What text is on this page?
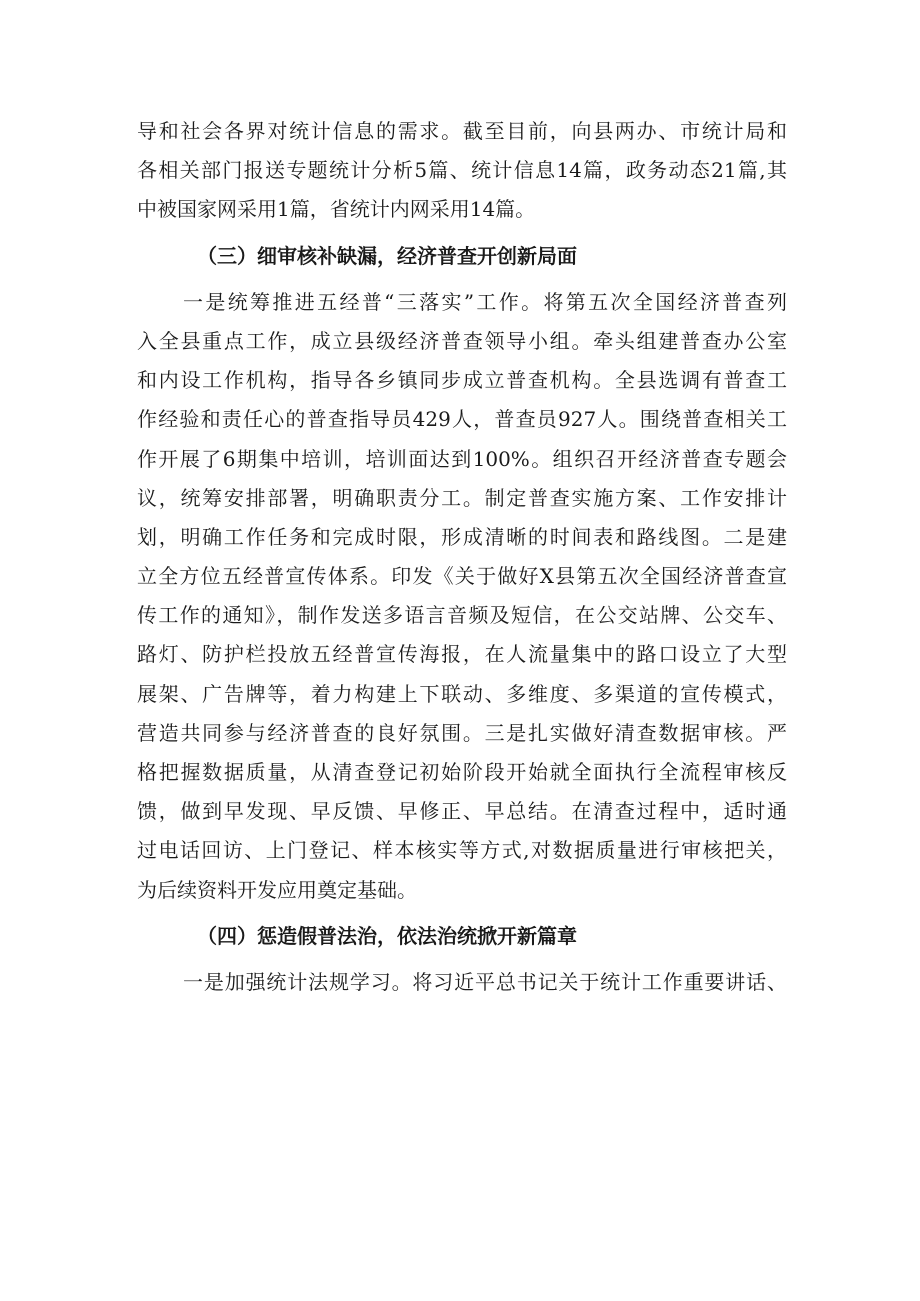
导和社会各界对统计信息的需求。截至目前，向县两办、市统计局和
各相关部门报送专题统计分析5篇、统计信息14篇，政务动态21篇,其
中被国家网采用1篇，省统计内网采用14篇。
（三）细审核补缺漏，经济普查开创新局面
一是统筹推进五经普“三落实”工作。将第五次全国经济普查列
入全县重点工作，成立县级经济普查领导小组。牵头组建普查办公室
和内设工作机构，指导各乡镇同步成立普查机构。全县选调有普查工
作经验和责任心的普查指导员429人，普查员927人。围绕普查相关工
作开展了6期集中培训，培训面达到100%。组织召开经济普查专题会
议，统筹安排部署，明确职责分工。制定普查实施方案、工作安排计
划，明确工作任务和完成时限，形成清晰的时间表和路线图。二是建
立全方位五经普宣传体系。印发《关于做好X县第五次全国经济普查宣
传工作的通知》，制作发送多语言音频及短信，在公交站牌、公交车、
路灯、防护栏投放五经普宣传海报，在人流量集中的路口设立了大型
展架、广告牌等，着力构建上下联动、多维度、多渠道的宣传模式，
营造共同参与经济普查的良好氛围。三是扎实做好清查数据审核。严
格把握数据质量，从清查登记初始阶段开始就全面执行全流程审核反
馈，做到早发现、早反馈、早修正、早总结。在清查过程中，适时通
过电话回访、上门登记、样本核实等方式,对数据质量进行审核把关，
为后续资料开发应用奠定基础。
（四）惩造假普法治，依法治统掀开新篇章
一是加强统计法规学习。将习近平总书记关于统计工作重要讲话、
